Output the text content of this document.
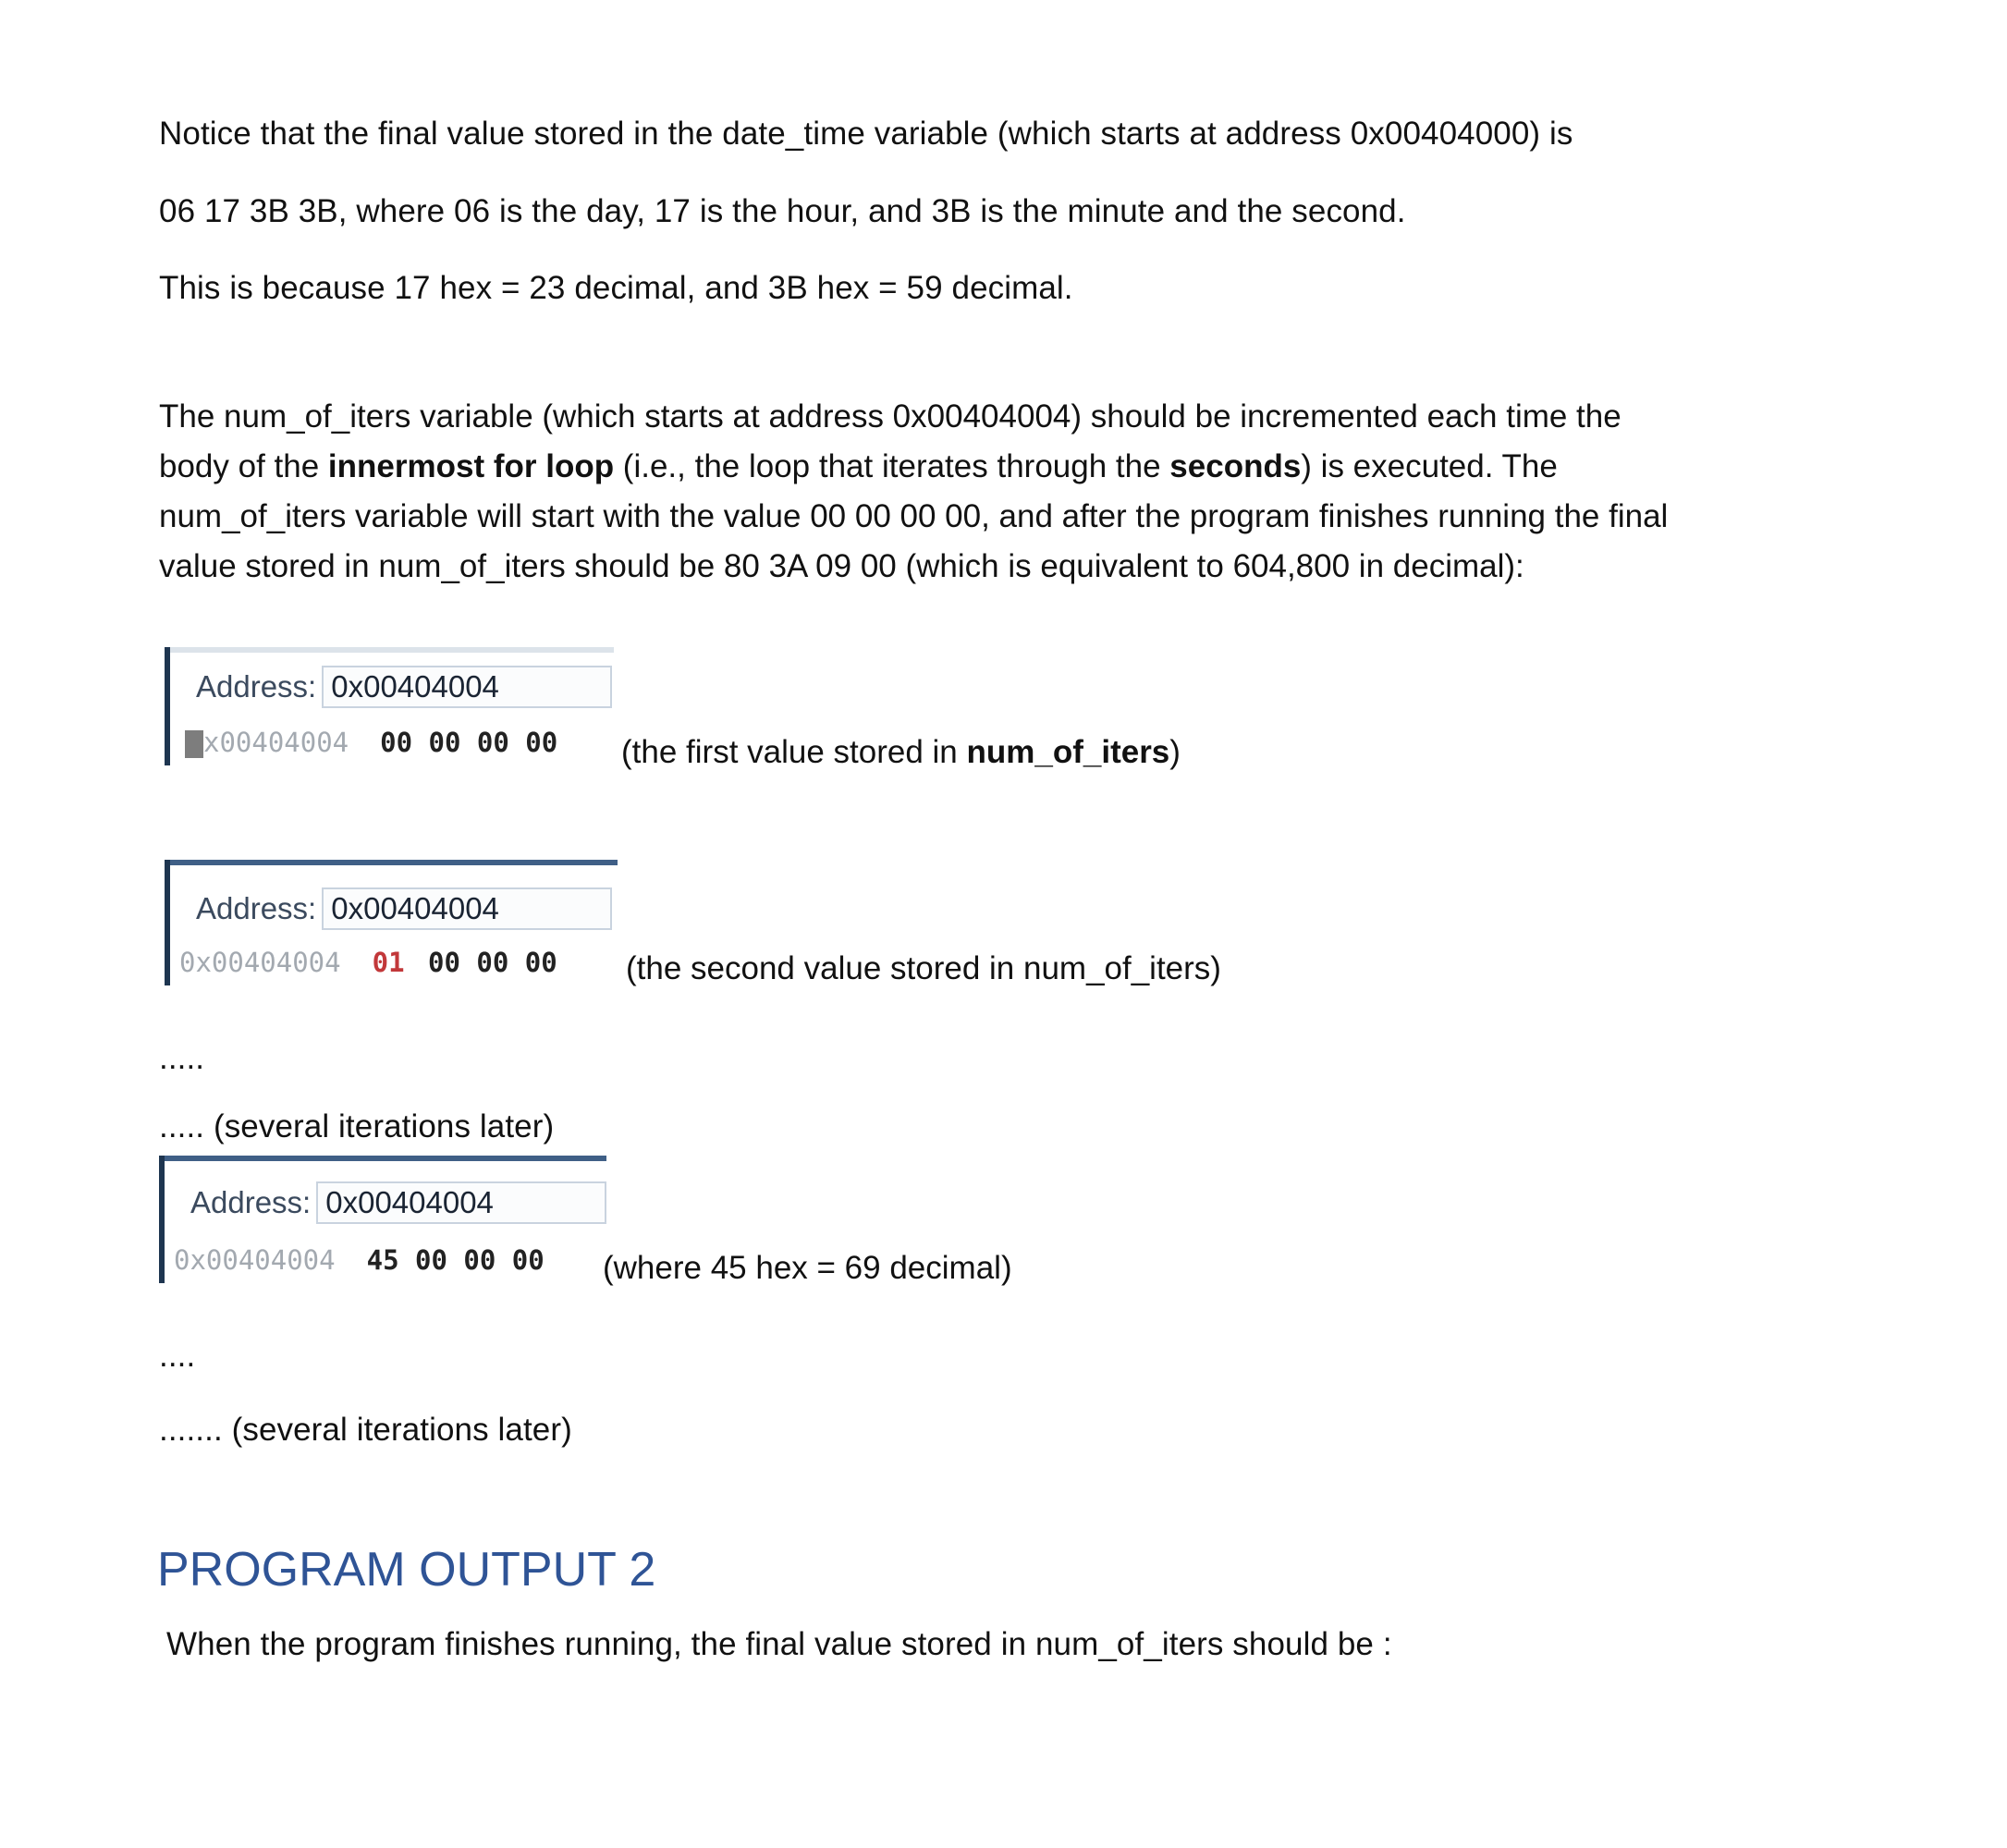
Notice that the final value stored in the date_time variable (which starts at address 0x00404000) is
06 17 3B 3B, where 06 is the day, 17 is the hour, and 3B is the minute and the second.
This is because 17 hex = 23 decimal, and 3B hex = 59 decimal.
The num_of_iters variable (which starts at address 0x00404004) should be incremented each time the
body of the innermost for loop (i.e., the loop that iterates through the seconds) is executed. The
num_of_iters variable will start with the value 00 00 00 00, and after the program finishes running the final
value stored in num_of_iters should be 80 3A 09 00 (which is equivalent to 604,800 in decimal):
Address: 0x00404004
x00404004 00 00 00 00 (the first value stored in num_of_iters)
Address: 0x00404004
0x00404004 01 00 00 00 (the second value stored in num_of_iters)
.....
..... (several iterations later)
Address: 0x00404004
0x00404004 45 00 00 00 (where 45 hex = 69 decimal)
....
....... (several iterations later)
PROGRAM OUTPUT 2
When the program finishes running, the final value stored in num_of_iters should be :
